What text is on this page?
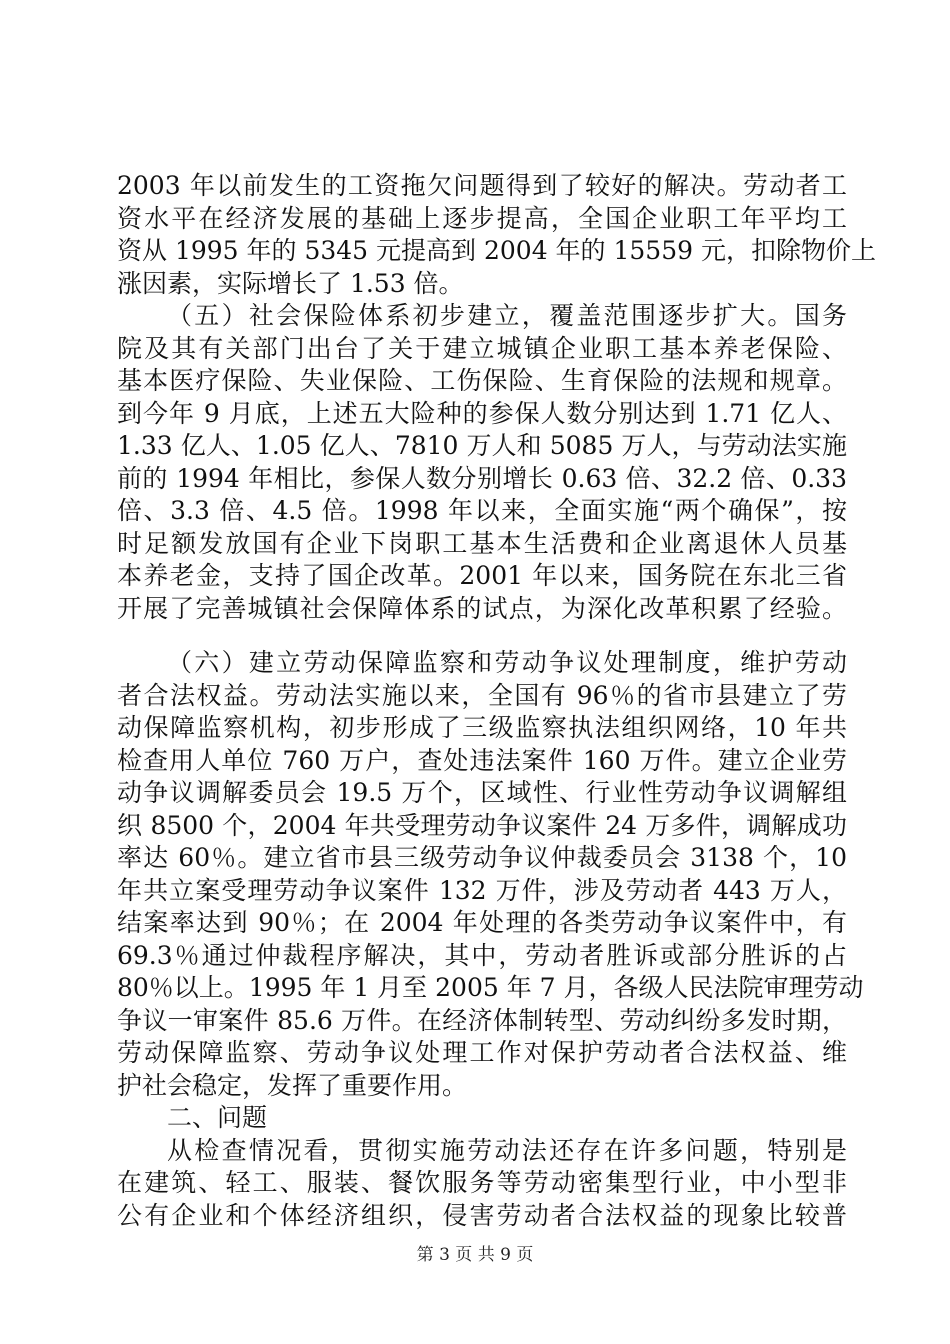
2003 年以前发生的工资拖欠问题得到了较好的解决。劳动者工
资水平在经济发展的基础上逐步提高，全国企业职工年平均工
资从 1995 年的 5345 元提高到 2004 年的 15559 元，扣除物价上
涨因素，实际增长了 1.53 倍。
（五）社会保险体系初步建立，覆盖范围逐步扩大。国务
院及其有关部门出台了关于建立城镇企业职工基本养老保险、
基本医疗保险、失业保险、工伤保险、生育保险的法规和规章。
到今年 9 月底，上述五大险种的参保人数分别达到 1.71 亿人、
1.33 亿人、1.05 亿人、7810 万人和 5085 万人，与劳动法实施
前的 1994 年相比，参保人数分别增长 0.63 倍、32.2 倍、0.33
倍、3.3 倍、4.5 倍。1998 年以来，全面实施“两个确保”，按
时足额发放国有企业下岗职工基本生活费和企业离退休人员基
本养老金，支持了国企改革。2001 年以来，国务院在东北三省
开展了完善城镇社会保障体系的试点，为深化改革积累了经验。
（六）建立劳动保障监察和劳动争议处理制度，维护劳动
者合法权益。劳动法实施以来，全国有 96％的省市县建立了劳
动保障监察机构，初步形成了三级监察执法组织网络，10 年共
检查用人单位 760 万户，查处违法案件 160 万件。建立企业劳
动争议调解委员会 19.5 万个，区域性、行业性劳动争议调解组
织 8500 个，2004 年共受理劳动争议案件 24 万多件，调解成功
率达 60％。建立省市县三级劳动争议仲裁委员会 3138 个，10
年共立案受理劳动争议案件 132 万件，涉及劳动者 443 万人，
结案率达到 90％；在 2004 年处理的各类劳动争议案件中，有
69.3％通过仲裁程序解决，其中，劳动者胜诉或部分胜诉的占
80％以上。1995 年 1 月至 2005 年 7 月，各级人民法院审理劳动
争议一审案件 85.6 万件。在经济体制转型、劳动纠纷多发时期，
劳动保障监察、劳动争议处理工作对保护劳动者合法权益、维
护社会稳定，发挥了重要作用。
二、问题
从检查情况看，贯彻实施劳动法还存在许多问题，特别是
在建筑、轻工、服装、餐饮服务等劳动密集型行业，中小型非
公有企业和个体经济组织，侵害劳动者合法权益的现象比较普
第 3 页 共 9 页
